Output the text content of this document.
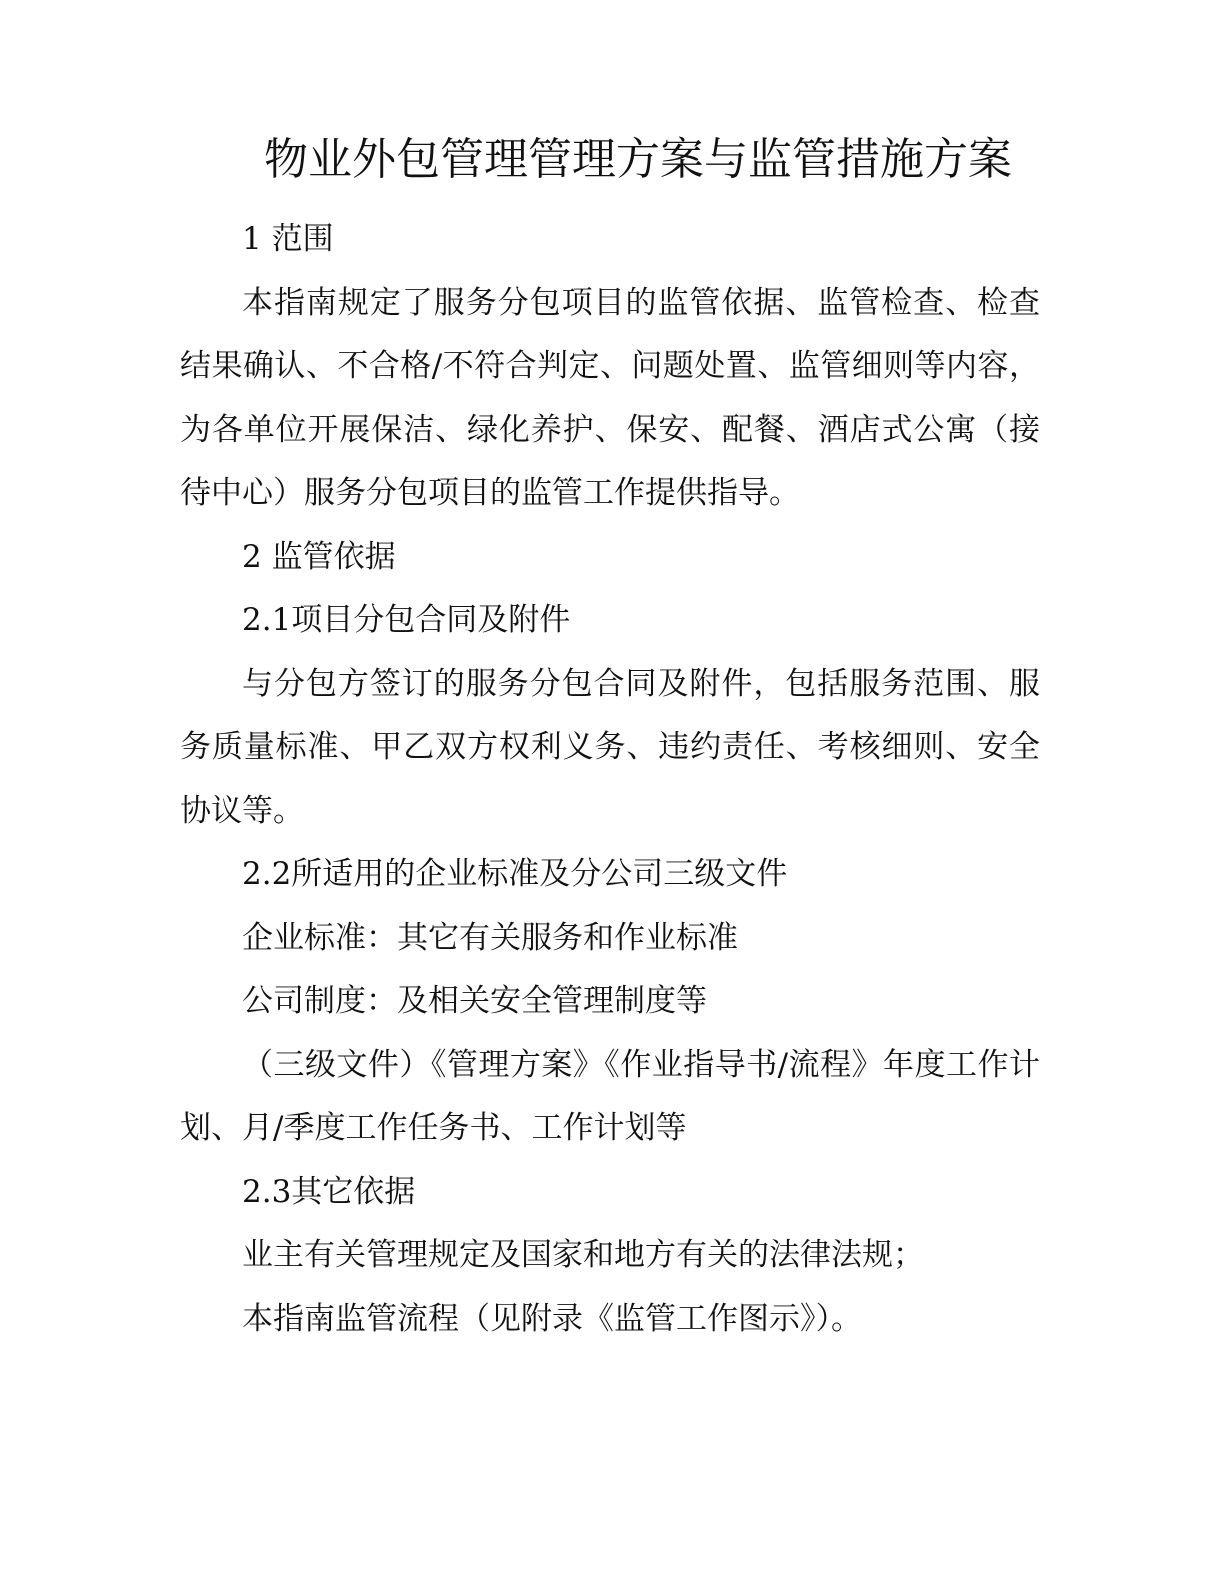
物业外包管理管理方案与监管措施方案

1 范围

本指南规定了服务分包项目的监管依据、监管检查、检查结果确认、不合格/不符合判定、问题处置、监管细则等内容，为各单位开展保洁、绿化养护、保安、配餐、酒店式公寓（接待中心）服务分包项目的监管工作提供指导。

2 监管依据

2.1项目分包合同及附件

与分包方签订的服务分包合同及附件，包括服务范围、服务质量标准、甲乙双方权利义务、违约责任、考核细则、安全协议等。

2.2所适用的企业标准及分公司三级文件

企业标准：其它有关服务和作业标准

公司制度：及相关安全管理制度等

（三级文件）《管理方案》《作业指导书/流程》年度工作计划、月/季度工作任务书、工作计划等

2.3其它依据

业主有关管理规定及国家和地方有关的法律法规；

本指南监管流程（见附录《监管工作图示》）。
